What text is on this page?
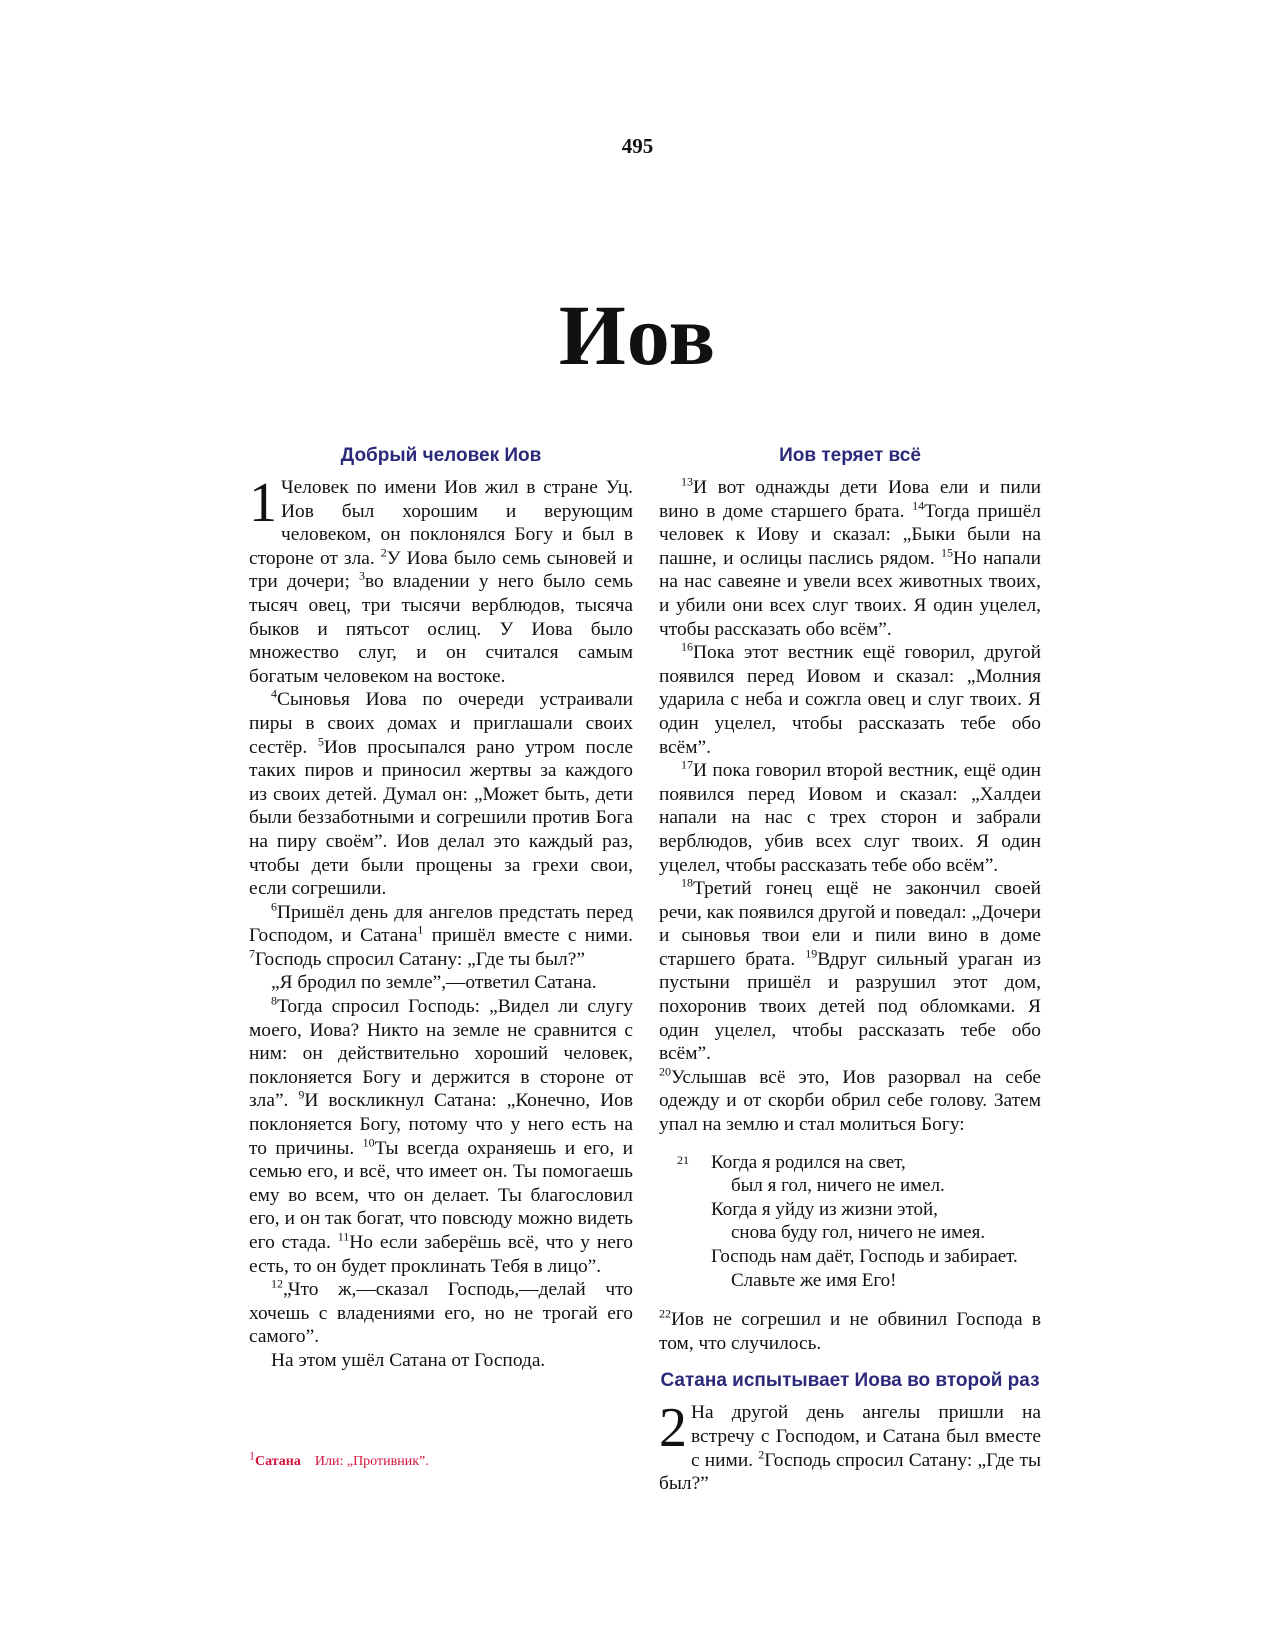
495
Иов
Добрый человек Иов

1 Человек по имени Иов жил в стране Уц. Иов был хорошим и верующим человеком, он поклонялся Богу и был в стороне от зла. $^2$У Иова было семь сыновей и три дочери; $^3$во владении у него было семь тысяч овец, три тысячи верблюдов, тысяча быков и пятьсот ослиц. У Иова было множество слуг, и он считался самым богатым человеком на востоке.

$^4$Сыновья Иова по очереди устраивали пиры в своих домах и приглашали своих сестёр. $^5$Иов просыпался рано утром после таких пиров и приносил жертвы за каждого из своих детей. Думал он: „Может быть, дети были беззаботными и согрешили против Бога на пиру своём”. Иов делал это каждый раз, чтобы дети были прощены за грехи свои, если согрешили.

$^6$Пришёл день для ангелов предстать перед Господом, и Сатана$^1$ пришёл вместе с ними. $^7$Господь спросил Сатану: „Где ты был?”

„Я бродил по земле”,—ответил Сатана.

$^8$Тогда спросил Господь: „Видел ли слугу моего, Иова? Никто на земле не сравнится с ним: он действительно хороший человек, поклоняется Богу и держится в стороне от зла”. $^9$И воскликнул Сатана: „Конечно, Иов поклоняется Богу, потому что у него есть на то причины. $^{10}$Ты всегда охраняешь и его, и семью его, и всё, что имеет он. Ты помогаешь ему во всем, что он делает. Ты благословил его, и он так богат, что повсюду можно видеть его стада. $^{11}$Но если заберёшь всё, что у него есть, то он будет проклинать Тебя в лицо”.

$^{12}$„Что ж,—сказал Господь,—делай что хочешь с владениями его, но не трогай его самого”.

На этом ушёл Сатана от Господа.

Иов теряет всё

$^{13}$И вот однажды дети Иова ели и пили вино в доме старшего брата. $^{14}$Тогда пришёл человек к Иову и сказал: „Быки были на пашне, и ослицы паслись рядом. $^{15}$Но напали на нас савеяне и увели всех животных твоих, и убили они всех слуг твоих. Я один уцелел, чтобы рассказать обо всём”.

$^{16}$Пока этот вестник ещё говорил, другой появился перед Иовом и сказал: „Молния ударила с неба и сожгла овец и слуг твоих. Я один уцелел, чтобы рассказать тебе обо всём”.

$^{17}$И пока говорил второй вестник, ещё один появился перед Иовом и сказал: „Халдеи напали на нас с трех сторон и забрали верблюдов, убив всех слуг твоих. Я один уцелел, чтобы рассказать тебе обо всём”.

$^{18}$Третий гонец ещё не закончил своей речи, как появился другой и поведал: „Дочери и сыновья твои ели и пили вино в доме старшего брата. $^{19}$Вдруг сильный ураган из пустыни пришёл и разрушил этот дом, похоронив твоих детей под обломками. Я один уцелел, чтобы рассказать тебе обо всём”.

$^{20}$Услышав всё это, Иов разорвал на себе одежду и от скорби обрил себе голову. Затем упал на землю и стал молиться Богу:

21	Когда я родился на свет,
был я гол, ничего не имел.
Когда я уйду из жизни этой,
снова буду гол, ничего не имея.
Господь нам даёт, Господь и забирает.
Славьте же имя Его!

$^{22}$Иов не согрешил и не обвинил Господа в том, что случилось.

Сатана испытывает Иова во второй раз

2 На другой день ангелы пришли на встречу с Господом, и Сатана был вместе с ними. $^2$Господь спросил Сатану: „Где ты был?”

$^1$Сатана Или: „Противник”.
